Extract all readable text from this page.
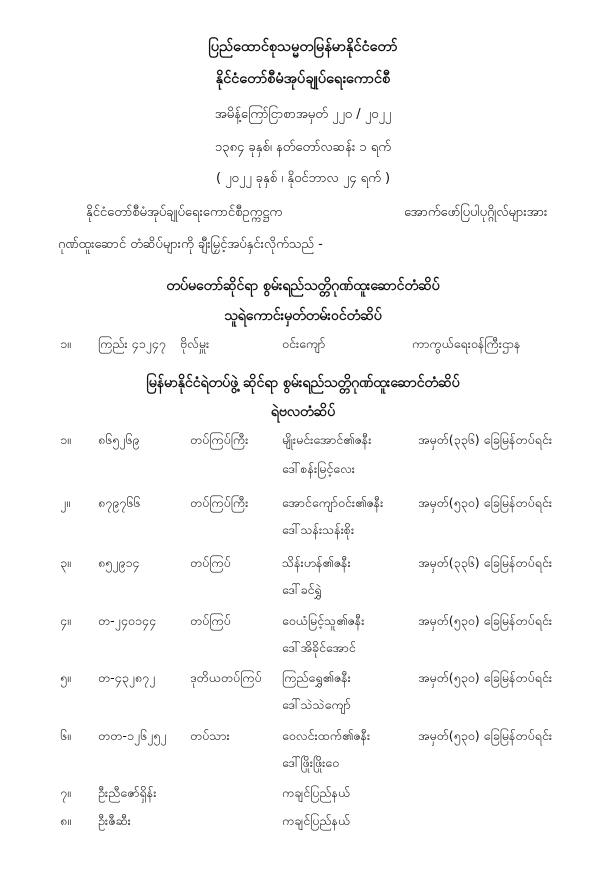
ပြည်ထောင်စုသမ္မတမြန်မာနိုင်ငံတော်
နိုင်ငံတော်စီမံအုပ်ချုပ်ရေးကောင်စီ
အမိန့်ကြော်ငြာစာအမှတ် ၂၂၀ / ၂၀၂၂
၁၃၈၄ ခုနှစ်၊ နတ်တော်လဆန်း ၁ ရက်
( ၂၀၂၂ ခုနှစ် ၊ နိုဝင်ဘာလ ၂၄ ရက် )
နိုင်ငံတော်စီမံအုပ်ချုပ်ရေးကောင်စီဥက္ကဋ္ဌက	အောက်ဖော်ပြပါပုဂ္ဂိုလ်များအား
ဂုဏ်ထူးဆောင် တံဆိပ်များကို ချီးမြှင့်အပ်နှင်းလိုက်သည် -
တပ်မတော်ဆိုင်ရာ စွမ်းရည်သတ္တိဂုဏ်ထူးဆောင်တံဆိပ်
သူရဲကောင်းမှတ်တမ်းဝင်တံဆိပ်
၁။ ကြည်း ၄၁၂၄၇ ဗိုလ်မှူး	ဝင်းကျော်	ကာကွယ်ရေးဝန်ကြီးဌာန
မြန်မာနိုင်ငံရဲတပ်ဖွဲ့ ဆိုင်ရာ စွမ်းရည်သတ္တိဂုဏ်ထူးဆောင်တံဆိပ်
ရဲဗလတံဆိပ်
၁။ ၈၆၅၂၆၉	တပ်ကြပ်ကြီး	မျိုးမင်းအောင်၏ဇနီး	အမှတ်(၃၃၆) ခြေမြန်တပ်ရင်း
ဒေါ်စန်းမြင့်လေး
၂။ ၈၇၉၇၆၆	တပ်ကြပ်ကြီး	အောင်ကျော်ဝင်း၏ဇနီး	အမှတ်(၅၃၀) ခြေမြန်တပ်ရင်း
ဒေါ်သန်းသန်းစိုး
၃။ ၈၅၂၉၁၄	တပ်ကြပ်	သိန်းဟန်၏ဇနီး	အမှတ်(၃၃၆) ခြေမြန်တပ်ရင်း
ဒေါ်ခင်ရွှဲ
၄။ တ-၂၄၀၁၄၄	တပ်ကြပ်	ဝေယံမြင့်သူ၏ဇနီး	အမှတ်(၅၃၀) ခြေမြန်တပ်ရင်း
ဒေါ်အိခိုင်အောင်
၅။ တ-၄၃၂၈၇၂	ဒုတိယတပ်ကြပ် ကြည်ရွှေ၏ဇနီး	အမှတ်(၅၃၀) ခြေမြန်တပ်ရင်း
ဒေါ်သဲသဲကျော်
၆။ တတ-၁၂၆၂၅၂ တပ်သား	ဝေလင်းထက်၏ဇနီး	အမှတ်(၅၃၀) ခြေမြန်တပ်ရင်း
ဒေါ်ဖြိုးဖြိုးဝေ
၇။ ဦးညီဇော်ရှိန်း	ကချင်ပြည်နယ်
၈။ ဦးဇီဆီး	ကချင်ပြည်နယ်
